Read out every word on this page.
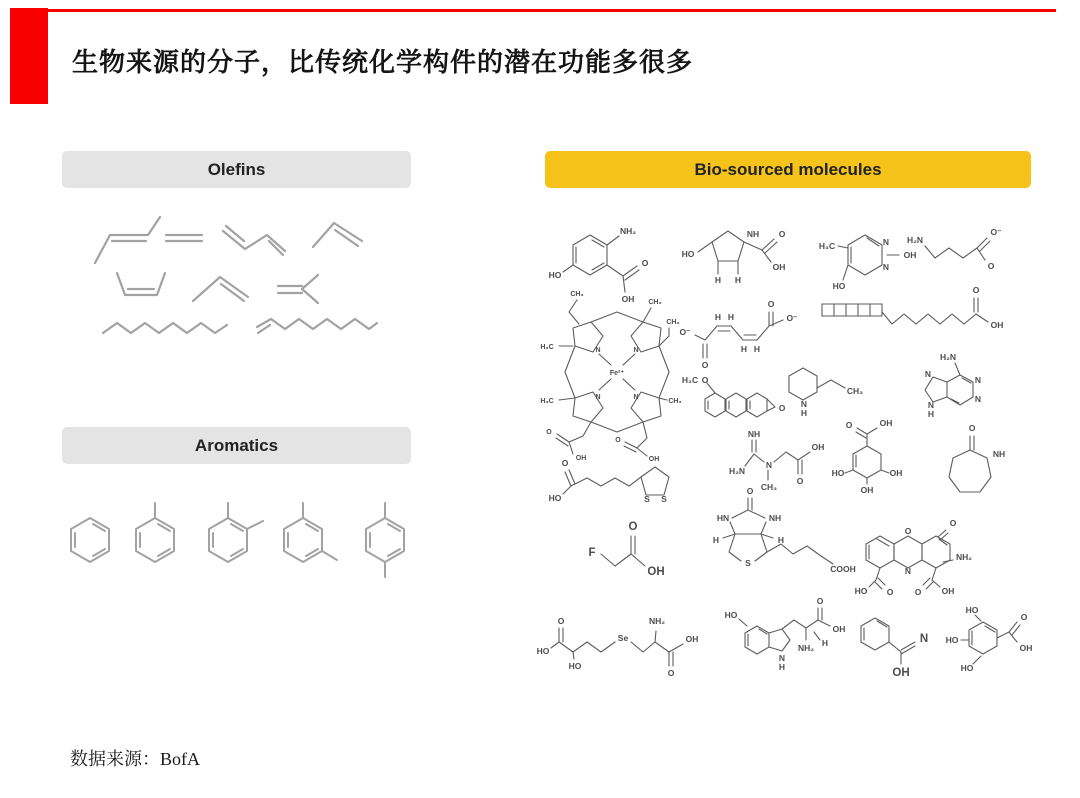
生物来源的分子，比传统化学构件的潜在功能多很多
Olefins
Aromatics
Bio-sourced molecules
NH₂
HO
O
OH
NH
HO
O
OH
H H
H₃C	N
N
OH
HO
H₂N
O⁻
O
N	N
N	N
Fe²⁺
CH₃
CH₃
CH₃
H₃C
H₃C	CH₃
O
OH
O
OH
O⁻
O
H H
H H
O
O⁻
O
OH
H₃C O
O N
H
CH₃
H₂N
N
N
N
N
H
HO
O
S S
NH
H₂N
N
CH₃
OH
O
O	OH
HO	OH
OH
O
NH
F
O
OH
O
HN	NH
H	H
S
COOH
O
N
O
NH₂
HO O	O OH
HO
O
HO
Se
NH₂
OH
O
HO
N
H
O
OH
NH₂ H	N
OH
HO
HO
HO
O
OH
数据来源：BofA
